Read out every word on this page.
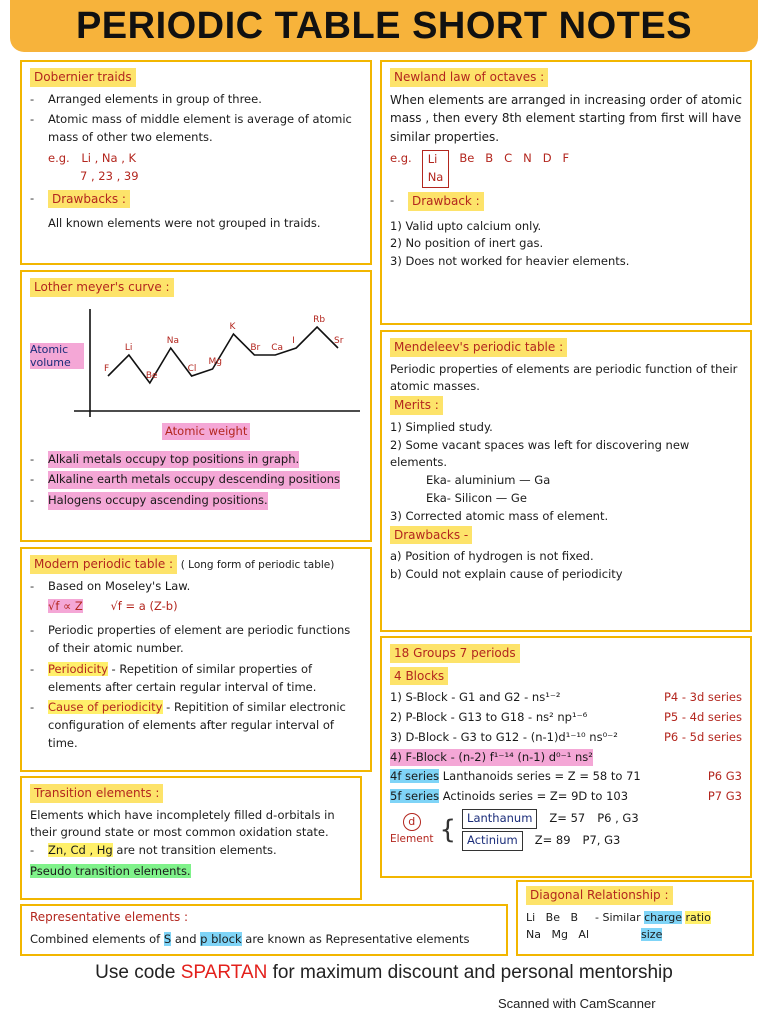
PERIODIC TABLE SHORT NOTES
Dobernier traids
-	Arranged elements in group of three.
-	Atomic mass of middle element is average of atomic mass of other two elements.
e.g. Li , Na , K
7 , 23 , 39
-	Drawbacks :
All known elements were not grouped in traids.
Lother meyer's curve :
F
Li
Be
Na
Cl
Mg
K
Br Ca
I
Rb
Sr
Atomic volume
Atomic weight
-	Alkali metals occupy top positions in graph.
-	Alkaline earth metals occupy descending positions
-	Halogens occupy ascending positions.
Modern periodic table : ( Long form of periodic table)
-	Based on Moseley's Law.
√f ∝ Z √f = a (Z-b)
-	Periodic properties of element are periodic functions of their atomic number.
-	Periodicity - Repetition of similar properties of elements after certain regular interval of time.
-	Cause of periodicity - Repitition of similar electronic configuration of elements after regular interval of time.
Transition elements :
Elements which have incompletely filled d-orbitals in their ground state or most common oxidation state.
-	Zn, Cd , Hg are not transition elements.
Pseudo transition elements.
Representative elements :
Combined elements of S and p block are known as Representative elements
Newland law of octaves :
When elements are arranged in increasing order of atomic mass , then every 8th element starting from first will have similar properties.
e.g. Li
Na
Be   B   C   N   D   F
-	Drawback :
1) Valid upto calcium only.
2) No position of inert gas.
3) Does not worked for heavier elements.
Mendeleev's periodic table :
Periodic properties of elements are periodic function of their atomic masses.
Merits :
1) Simplied study.
2) Some vacant spaces was left for discovering new elements.
Eka- aluminium — Ga
Eka- Silicon — Ge
3) Corrected atomic mass of element.
Drawbacks -
a) Position of hydrogen is not fixed.
b) Could not explain cause of periodicity
18 Groups 7 periods
4 Blocks
1) S-Block - G1 and G2 - ns¹⁻²	P4 - 3d series
2) P-Block - G13 to G18 - ns² np¹⁻⁶	P5 - 4d series
3) D-Block - G3 to G12 - (n-1)d¹⁻¹⁰ ns⁰⁻²	P6 - 5d series
4) F-Block - (n-2) f¹⁻¹⁴ (n-1) d⁰⁻¹ ns²
4f series Lanthanoids series = Z = 58 to 71	P6 G3
5f series Actinoids series = Z= 9D to 103	P7 G3
d
Element { Lanthanum	Z= 57 P6 , G3
Actinium	Z= 89 P7, G3
Diagonal Relationship :
Li   Be   B
Na   Mg   Al
- Similar charge ratio
size
Use code SPARTAN for maximum discount and personal mentorship
Scanned with CamScanner
